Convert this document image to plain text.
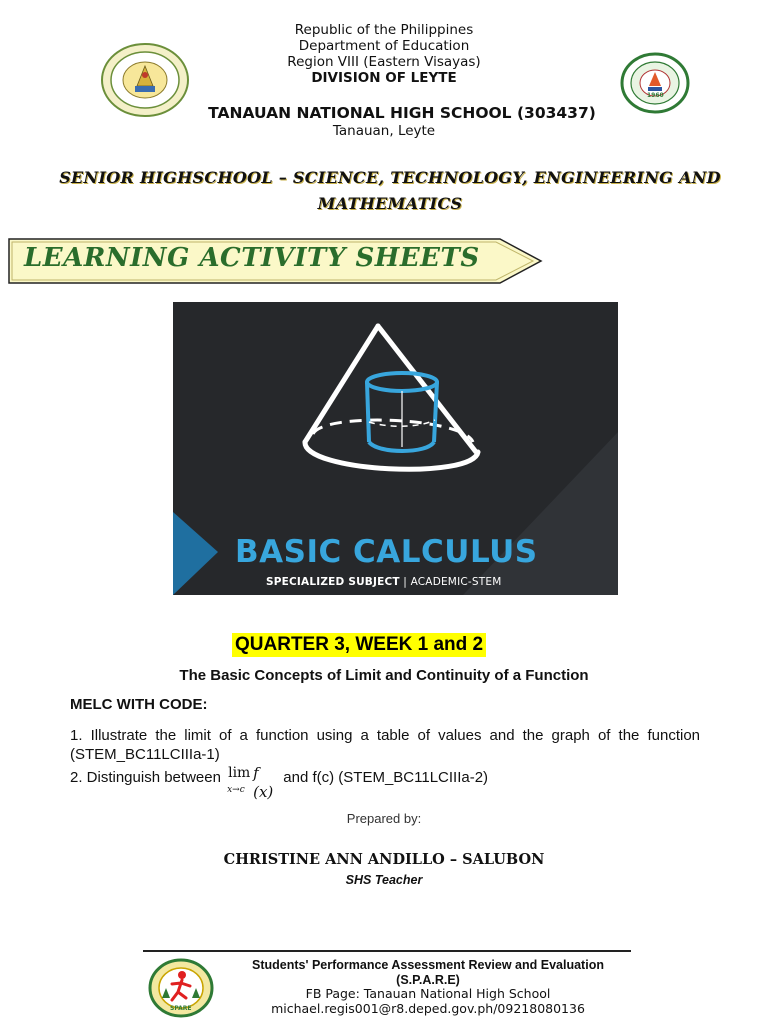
1960
Republic of the Philippines
Department of Education
Region VIII (Eastern Visayas)
DIVISION OF LEYTE
TANAUAN NATIONAL HIGH SCHOOL (303437)
Tanauan, Leyte
SENIOR HIGHSCHOOL – SCIENCE, TECHNOLOGY, ENGINEERING AND
MATHEMATICS
LEARNING ACTIVITY SHEETS
BASIC CALCULUS
SPECIALIZED SUBJECT | ACADEMIC-STEM
QUARTER 3, WEEK 1 and 2
The Basic Concepts of Limit and Continuity of a Function
MELC WITH CODE:
1. Illustrate the limit of a function using a table of values and the graph of the function (STEM_BC11LCIIIa-1)
2. Distinguish between lim
x→c
f (x)
and f(c) (STEM_BC11LCIIIa-2)
Prepared by:
CHRISTINE ANN ANDILLO – SALUBON
SHS Teacher
SPARE
Students' Performance Assessment Review and Evaluation
(S.P.A.R.E)
FB Page: Tanauan National High School
michael.regis001@r8.deped.gov.ph/09218080136
